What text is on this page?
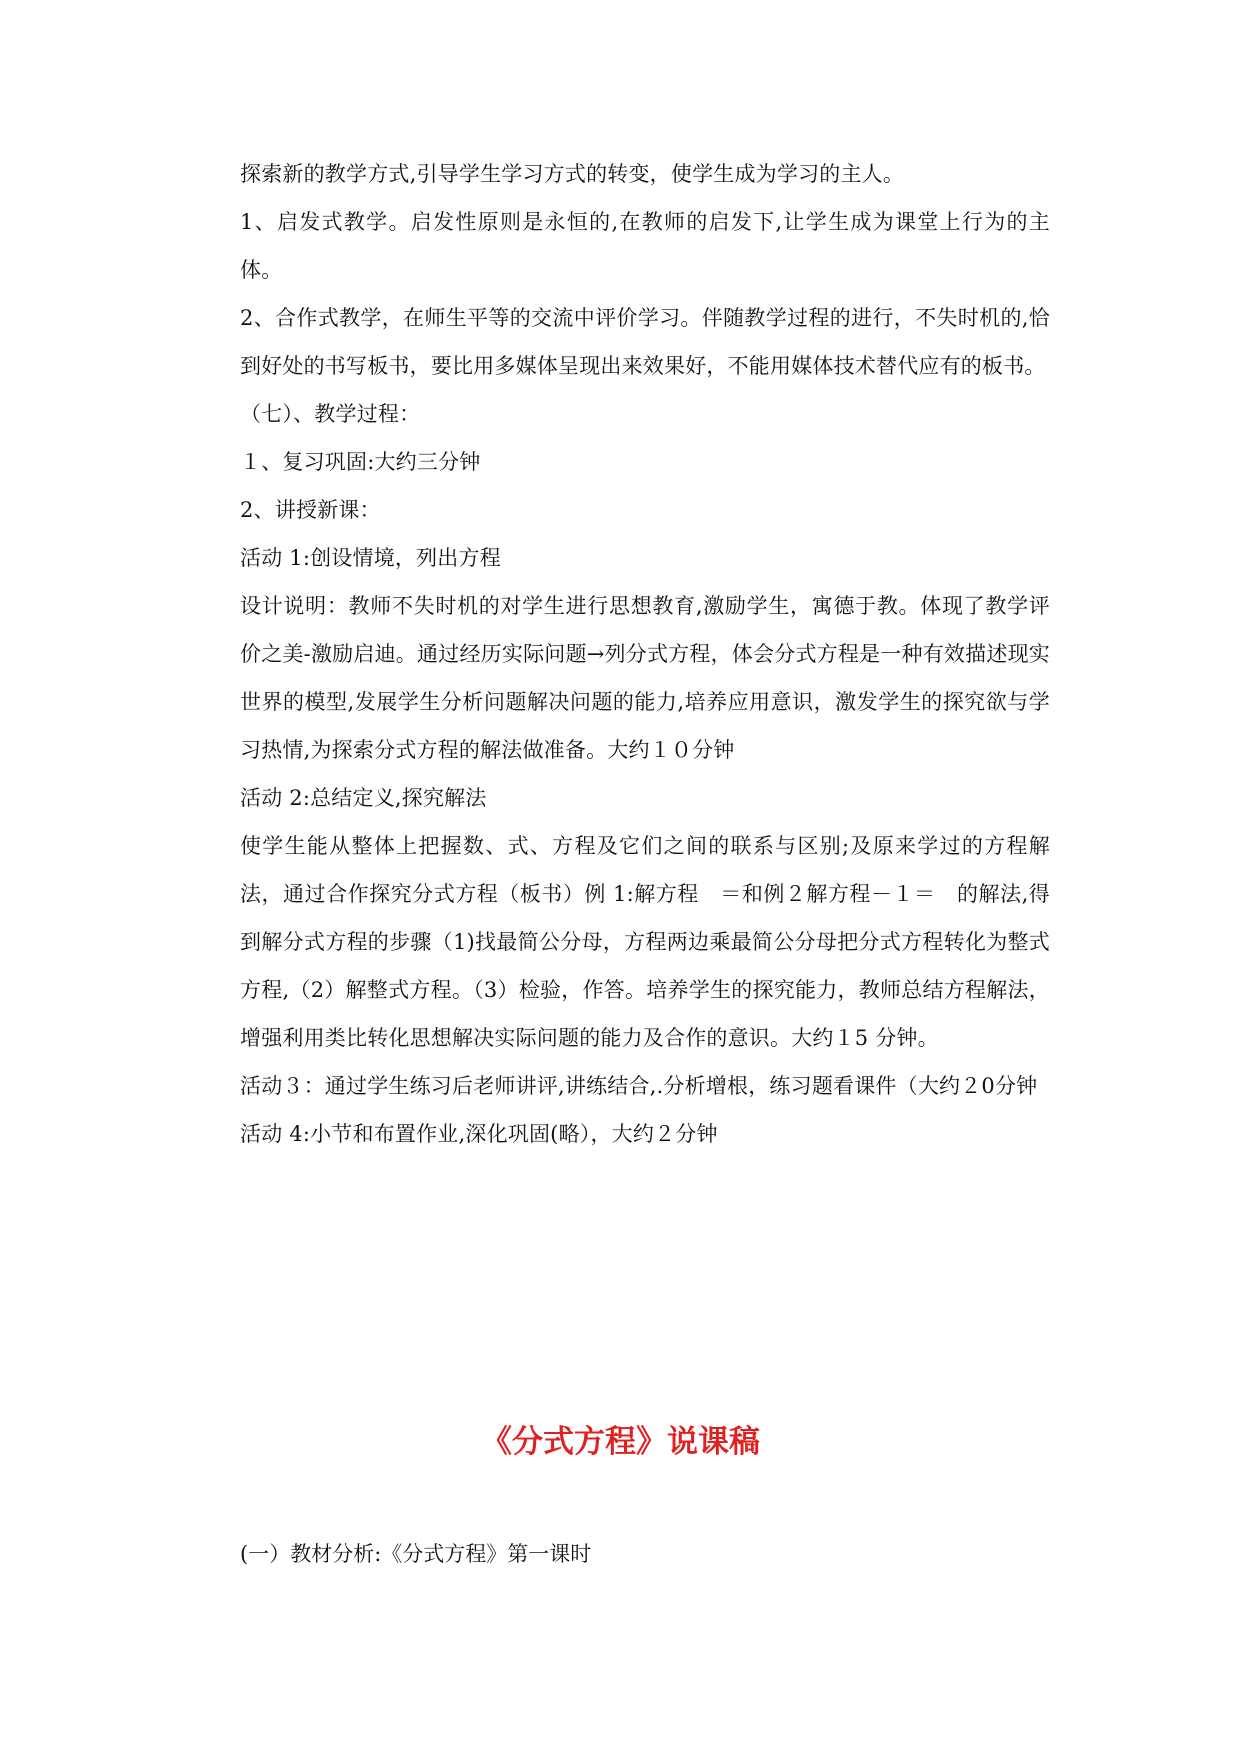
探索新的教学方式,引导学生学习方式的转变，使学生成为学习的主人。

1、启发式教学。启发性原则是永恒的,在教师的启发下,让学生成为课堂上行为的主体。

2、合作式教学，在师生平等的交流中评价学习。伴随教学过程的进行，不失时机的,恰到好处的书写板书，要比用多媒体呈现出来效果好，不能用媒体技术替代应有的板书。

（七）、教学过程：

１、复习巩固:大约三分钟

2、讲授新课：

活动 1:创设情境，列出方程

设计说明：教师不失时机的对学生进行思想教育,激励学生，寓德于教。体现了教学评价之美-激励启迪。通过经历实际问题→列分式方程，体会分式方程是一种有效描述现实世界的模型,发展学生分析问题解决问题的能力,培养应用意识，激发学生的探究欲与学习热情,为探索分式方程的解法做准备。大约１０分钟

活动 2:总结定义,探究解法

使学生能从整体上把握数、式、方程及它们之间的联系与区别;及原来学过的方程解法，通过合作探究分式方程（板书）例 1:解方程　＝和例２解方程－１＝　的解法,得到解分式方程的步骤（1)找最简公分母，方程两边乘最简公分母把分式方程转化为整式方程,（2）解整式方程。（3）检验，作答。培养学生的探究能力，教师总结方程解法，增强利用类比转化思想解决实际问题的能力及合作的意识。大约１5 分钟。

活动３：通过学生练习后老师讲评,讲练结合,.分析增根，练习题看课件（大约２0分钟

活动 4:小节和布置作业,深化巩固(略），大约２分钟

《分式方程》说课稿

(一）教材分析:《分式方程》第一课时
